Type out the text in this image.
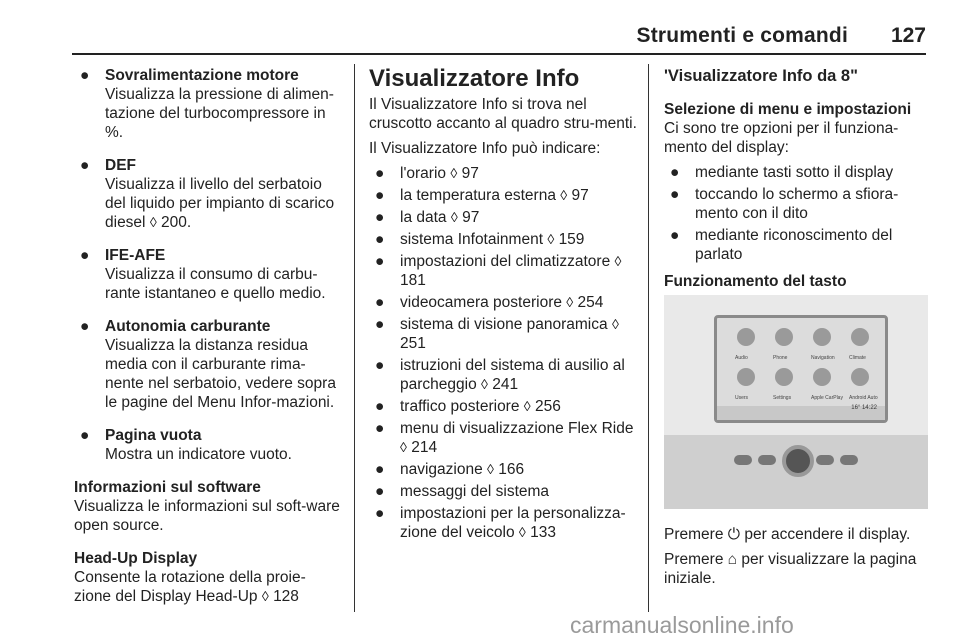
Strumenti e comandi 127
● Sovralimentazione motore
Visualizza la pressione di alimen-tazione del turbocompressore in %.
● DEF
Visualizza il livello del serbatoio del liquido per impianto di scarico diesel ◊ 200.
● IFE-AFE
Visualizza il consumo di carbu-rante istantaneo e quello medio.
● Autonomia carburante
Visualizza la distanza residua media con il carburante rima-nente nel serbatoio, vedere sopra le pagine del Menu Infor-mazioni.
● Pagina vuota
Mostra un indicatore vuoto.
Informazioni sul software
Visualizza le informazioni sul soft-ware open source.
Head-Up Display
Consente la rotazione della proie-zione del Display Head-Up ◊ 128
Visualizzatore Info
Il Visualizzatore Info si trova nel cruscotto accanto al quadro stru-menti.
Il Visualizzatore Info può indicare:
● l'orario ◊ 97
● la temperatura esterna ◊ 97
● la data ◊ 97
● sistema Infotainment ◊ 159
● impostazioni del climatizzatore ◊ 181
● videocamera posteriore ◊ 254
● sistema di visione panoramica ◊ 251
● istruzioni del sistema di ausilio al parcheggio ◊ 241
● traffico posteriore ◊ 256
● menu di visualizzazione Flex Ride ◊ 214
● navigazione ◊ 166
● messaggi del sistema
● impostazioni per la personalizza-zione del veicolo ◊ 133
'Visualizzatore Info da 8"
Selezione di menu e impostazioni
Ci sono tre opzioni per il funziona-mento del display:
● mediante tasti sotto il display
● toccando lo schermo a sfiora-mento con il dito
● mediante riconoscimento del parlato
Funzionamento del tasto
16° 14:22
Audio	Phone	Navigation	Climate
Users	Settings	Apple CarPlay Android Auto
Premere ⏻ per accendere il display.
Premere ⌂ per visualizzare la pagina iniziale.
carmanualsonline.info
